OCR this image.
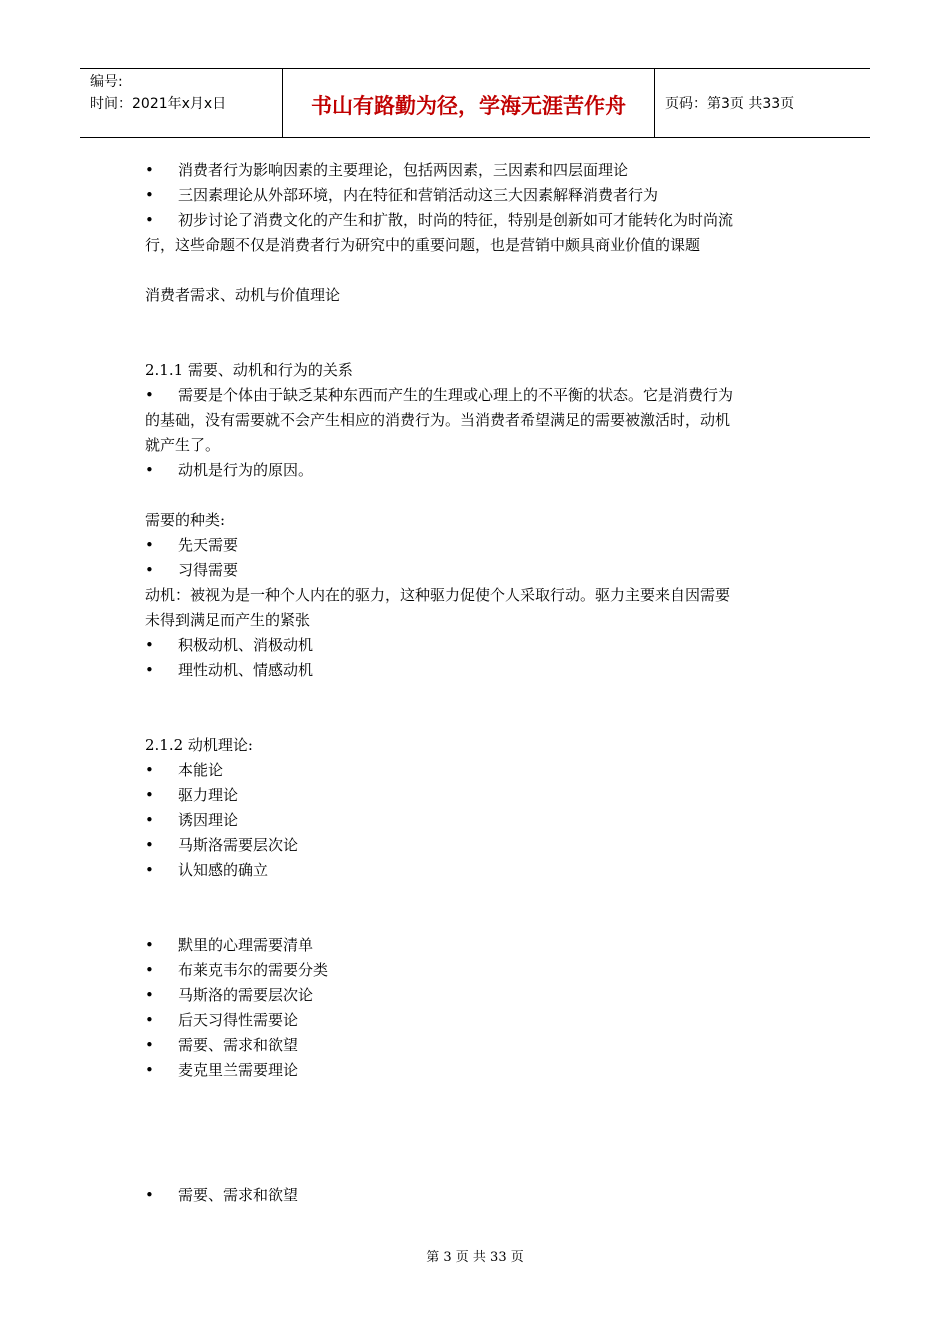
编号:
时间：2021年x月x日	书山有路勤为径，学海无涯苦作舟	页码：第3页 共33页
• 消费者行为影响因素的主要理论，包括两因素，三因素和四层面理论
• 三因素理论从外部环境，内在特征和营销活动这三大因素解释消费者行为
• 初步讨论了消费文化的产生和扩散，时尚的特征，特别是创新如可才能转化为时尚流
行，这些命题不仅是消费者行为研究中的重要问题，也是营销中颇具商业价值的课题
消费者需求、动机与价值理论
2.1.1 需要、动机和行为的关系
• 需要是个体由于缺乏某种东西而产生的生理或心理上的不平衡的状态。它是消费行为
的基础，没有需要就不会产生相应的消费行为。当消费者希望满足的需要被激活时，动机
就产生了。
• 动机是行为的原因。
需要的种类:
• 先天需要
• 习得需要
动机：被视为是一种个人内在的驱力，这种驱力促使个人采取行动。驱力主要来自因需要
未得到满足而产生的紧张
• 积极动机、消极动机
• 理性动机、情感动机
2.1.2 动机理论:
• 本能论
• 驱力理论
• 诱因理论
• 马斯洛需要层次论
• 认知感的确立
• 默里的心理需要清单
• 布莱克韦尔的需要分类
• 马斯洛的需要层次论
• 后天习得性需要论
• 需要、需求和欲望
• 麦克里兰需要理论
• 需要、需求和欲望
第 3 页 共 33 页
